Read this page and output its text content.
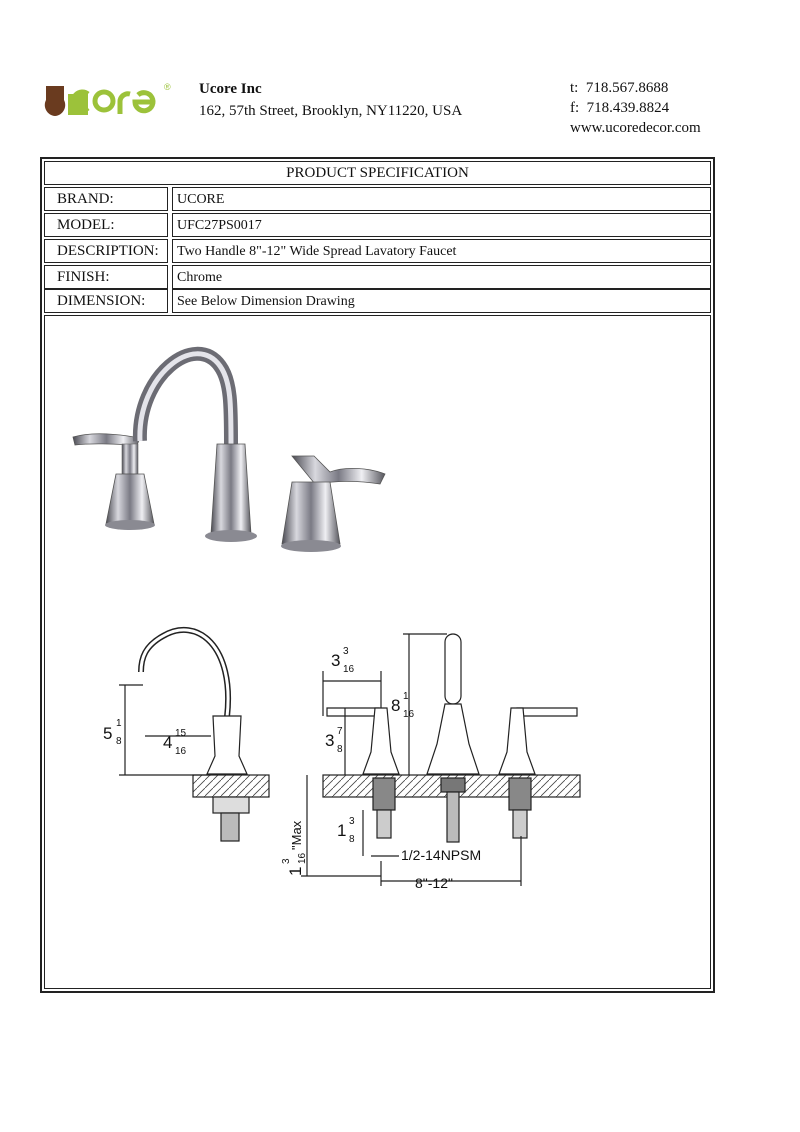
®
ucore
Ucore Inc
162, 57th Street, Brooklyn, NY11220, USA
t: 718.567.8688
f: 718.439.8824
www.ucoredecor.com
PRODUCT SPECIFICATION
BRAND:	UCORE
MODEL:	UFC27PS0017
DESCRIPTION:	Two Handle 8"-12" Wide Spread Lavatory Faucet
FINISH:	Chrome
DIMENSION:	See Below Dimension Drawing
5
1
8 4 15
16
3 3
16
8 1
16
3 7
8
1 3
8
1
3 16
"Max
1/2-14NPSM
8"-12"
